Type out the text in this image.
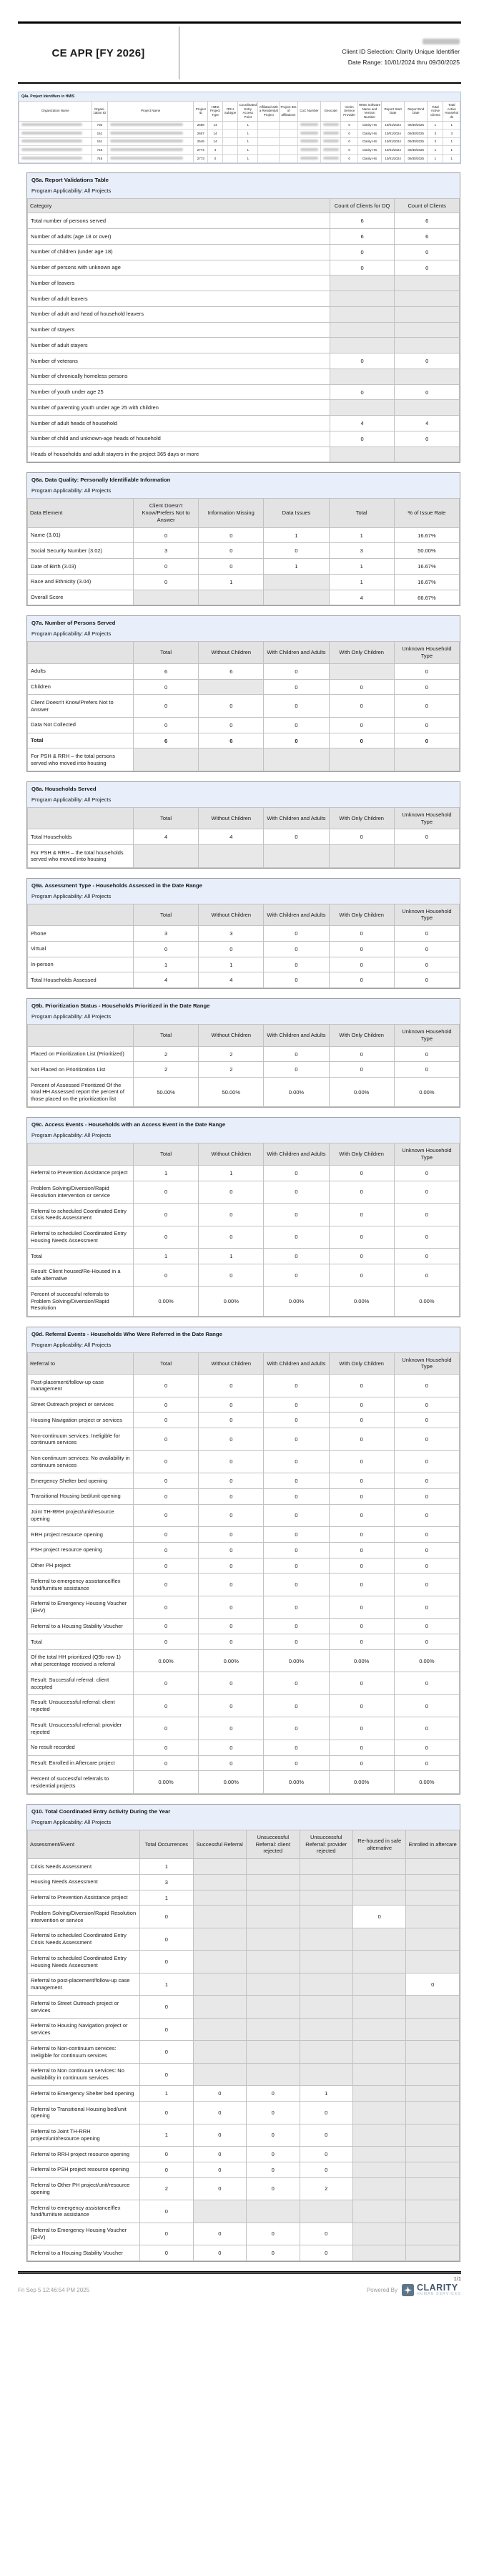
CE APR [FY 2026]	Client ID Selection: Clarity Unique Identifier
Date Range: 10/01/2024 thru 09/30/2025
Q4a. Project Identifiers in HMIS
Organization Name	Organi-zation ID	Project Name	Project ID	HMIS Project Type	RRH Subtype	Coordinated Entry Access Point	Affiliated with a Residential Project	Project IDs of affiliations	CoC Number	Geocode	Victim Service Provider	HMIS Software Name and Version Number	Report Start Date	Report End Date	Total Active Clients	Total Active Households
	730		2698	14		1					0	Clarity HS	10/01/2024	09/30/2025	1	1
	161		2607	14		1					0	Clarity HS	10/01/2024	09/30/2025	3	3
	161		2545	14		1					0	Clarity HS	10/01/2024	09/30/2025	3	1
	745		2774	4		1					0	Clarity HS	10/01/2024	09/30/2025	1	1
	745		2773	0		1					0	Clarity HS	10/01/2024	09/30/2025	1	1
Q5a. Report Validations Table
Program Applicability: All Projects
Category	Count of Clients for DQ	Count of Clients
Total number of persons served	6	6
Number of adults (age 18 or over)	6	6
Number of children (under age 18)	0	0
Number of persons with unknown age	0	0
Number of leavers		
Number of adult leavers		
Number of adult and head of household leavers		
Number of stayers		
Number of adult stayers		
Number of veterans	0	0
Number of chronically homeless persons		
Number of youth under age 25	0	0
Number of parenting youth under age 25 with children		
Number of adult heads of household	4	4
Number of child and unknown-age heads of household	0	0
Heads of households and adult stayers in the project 365 days or more		
Q6a. Data Quality: Personally Identifiable Information
Program Applicability: All Projects
Data Element	Client Doesn't Know/Prefers Not to Answer	Information Missing	Data Issues	Total	% of Issue Rate
Name (3.01)	0	0	1	1	16.67%
Social Security Number (3.02)	3	0	0	3	50.00%
Date of Birth (3.03)	0	0	1	1	16.67%
Race and Ethnicity (3.04)	0	1		1	16.67%
Overall Score				4	66.67%
Q7a. Number of Persons Served
Program Applicability: All Projects
	Total	Without Children	With Children and Adults	With Only Children	Unknown Household Type
Adults	6	6	0		0
Children	0		0	0	0
Client Doesn't Know/Prefers Not to Answer	0	0	0	0	0
Data Not Collected	0	0	0	0	0
Total	6	6	0	0	0
For PSH & RRH – the total persons served who moved into housing					
Q8a. Households Served
Program Applicability: All Projects
	Total	Without Children	With Children and Adults	With Only Children	Unknown Household Type
Total Households	4	4	0	0	0
For PSH & RRH – the total households served who moved into housing					
Q9a. Assessment Type - Households Assessed in the Date Range
Program Applicability: All Projects
	Total	Without Children	With Children and Adults	With Only Children	Unknown Household Type
Phone	3	3	0	0	0
Virtual	0	0	0	0	0
In-person	1	1	0	0	0
Total Households Assessed	4	4	0	0	0
Q9b. Prioritization Status - Households Prioritized in the Date Range
Program Applicability: All Projects
	Total	Without Children	With Children and Adults	With Only Children	Unknown Household Type
Placed on Prioritization List (Prioritized)	2	2	0	0	0
Not Placed on Prioritization List	2	2	0	0	0
Percent of Assessed Prioritized Of the total HH Assessed report the percent of those placed on the prioritization list	50.00%	50.00%	0.00%	0.00%	0.00%
Q9c. Access Events - Households with an Access Event in the Date Range
Program Applicability: All Projects
	Total	Without Children	With Children and Adults	With Only Children	Unknown Household Type
Referral to Prevention Assistance project	1	1	0	0	0
Problem Solving/Diversion/Rapid Resolution intervention or service	0	0	0	0	0
Referral to scheduled Coordinated Entry Crisis Needs Assessment	0	0	0	0	0
Referral to scheduled Coordinated Entry Housing Needs Assessment	0	0	0	0	0
Total	1	1	0	0	0
Result: Client housed/Re-Housed in a safe alternative	0	0	0	0	0
Percent of successful referrals to Problem Solving/Diversion/Rapid Resolution	0.00%	0.00%	0.00%	0.00%	0.00%
Q9d. Referral Events - Households Who Were Referred in the Date Range
Program Applicability: All Projects
Referral to	Total	Without Children	With Children and Adults	With Only Children	Unknown Household Type
Post-placement/follow-up case management	0	0	0	0	0
Street Outreach project or services	0	0	0	0	0
Housing Navigation project or services	0	0	0	0	0
Non-continuum services: Ineligible for continuum services	0	0	0	0	0
Non continuum services: No availability in continuum services	0	0	0	0	0
Emergency Shelter bed opening	0	0	0	0	0
Transitional Housing bed/unit opening	0	0	0	0	0
Joint TH-RRH project/unit/resource opening	0	0	0	0	0
RRH project resource opening	0	0	0	0	0
PSH project resource opening	0	0	0	0	0
Other PH project	0	0	0	0	0
Referral to emergency assistance/flex fund/furniture assistance	0	0	0	0	0
Referral to Emergency Housing Voucher (EHV)	0	0	0	0	0
Referral to a Housing Stability Voucher	0	0	0	0	0
Total	0	0	0	0	0
Of the total HH prioritized (Q9b row 1) what percentage received a referral	0.00%	0.00%	0.00%	0.00%	0.00%
Result: Successful referral: client accepted	0	0	0	0	0
Result: Unsuccessful referral: client rejected	0	0	0	0	0
Result: Unsuccessful referral: provider rejected	0	0	0	0	0
No result recorded	0	0	0	0	0
Result: Enrolled in Aftercare project	0	0	0	0	0
Percent of successful referrals to residential projects	0.00%	0.00%	0.00%	0.00%	0.00%
Q10. Total Coordinated Entry Activity During the Year
Program Applicability: All Projects
Assessment/Event	Total Occurrences	Successful Referral	Unsuccessful Referral: client rejected	Unsuccessful Referral: provider rejected	Re-housed in safe alternative	Enrolled in aftercare
Crisis Needs Assessment	1					
Housing Needs Assessment	3					
Referral to Prevention Assistance project	1					
Problem Solving/Diversion/Rapid Resolution intervention or service	0				0	
Referral to scheduled Coordinated Entry Crisis Needs Assessment	0					
Referral to scheduled Coordinated Entry Housing Needs Assessment	0					
Referral to post-placement/follow-up case management	1					0
Referral to Street Outreach project or services	0					
Referral to Housing Navigation project or services	0					
Referral to Non-continuum services: Ineligible for continuum services	0					
Referral to Non continuum services: No availability in continuum services	0					
Referral to Emergency Shelter bed opening	1	0	0	1		
Referral to Transitional Housing bed/unit opening	0	0	0	0		
Referral to Joint TH-RRH project/unit/resource opening	1	0	0	0		
Referral to RRH project resource opening	0	0	0	0		
Referral to PSH project resource opening	0	0	0	0		
Referral to Other PH project/unit/resource opening	2	0	0	2		
Referral to emergency assistance/flex fund/furniture assistance	0					
Referral to Emergency Housing Voucher (EHV)	0	0	0	0		
Referral to a Housing Stability Voucher	0	0	0	0		
1/1
Fri Sep 5 12:46:54 PM 2025	Powered By CLARITY
HUMAN SERVICES
